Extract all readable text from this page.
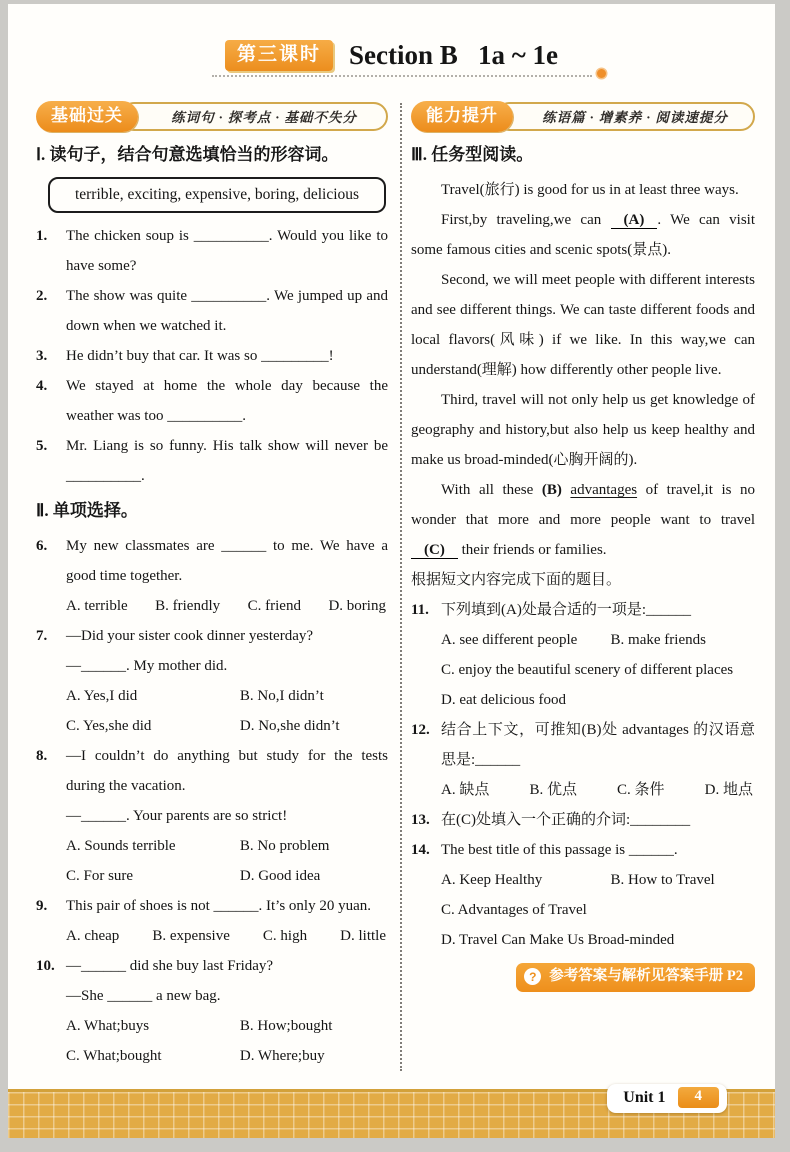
第三课时	Section B   1a ~ 1e
基础过关	练词句 · 探考点 · 基础不失分
Ⅰ. 读句子，结合句意选填恰当的形容词。
terrible, exciting, expensive, boring, delicious
1.	The chicken soup is __________. Would you like to have some?
2.	The show was quite __________. We jumped up and down when we watched it.
3.	He didn’t buy that car. It was so _________!
4.	We stayed at home the whole day because the weather was too __________.
5.	Mr. Liang is so funny. His talk show will never be __________.
Ⅱ. 单项选择。
6.	My new classmates are ______ to me. We have a good time together.
A. terrible B. friendly C. friend D. boring
7.	—Did your sister cook dinner yesterday?
—______. My mother did.
A. Yes,I did	B. No,I didn’t
C. Yes,she did	D. No,she didn’t
8.	—I couldn’t do anything but study for the tests during the vacation.
—______. Your parents are so strict!
A. Sounds terrible	B. No problem
C. For sure	D. Good idea
9.	This pair of shoes is not ______. It’s only 20 yuan.
A. cheap B. expensive C. high D. little
10. —______ did she buy last Friday?
—She ______ a new bag.
A. What;buys	B. How;bought
C. What;bought	D. Where;buy
能力提升	练语篇 · 增素养 · 阅读速提分
Ⅲ. 任务型阅读。

Travel(旅行) is good for us in at least three ways.

First,by traveling,we can (A) . We can visit some famous cities and scenic spots(景点).

Second, we will meet people with different interests and see different things. We can taste different foods and local flavors(风味) if we like. In this way,we can understand(理解) how differently other people live.

Third, travel will not only help us get knowledge of geography and history,but also help us keep healthy and make us broad-minded(心胸开阔的).

With all these (B) advantages of travel,it is no wonder that more and more people want to travel (C) their friends or families.

根据短文内容完成下面的题目。

11. 下列填到(A)处最合适的一项是:______
A. see different people	B. make friends
C. enjoy the beautiful scenery of different places
D. eat delicious food
12. 结合上下文，可推知(B)处 advantages 的汉语意思是:______
A. 缺点	B. 优点	C. 条件	D. 地点
13. 在(C)处填入一个正确的介词:________
14. The best title of this passage is ______.
A. Keep Healthy	B. How to Travel
C. Advantages of Travel
D. Travel Can Make Us Broad-minded
? 参考答案与解析见答案手册 P2
Unit 1	4
